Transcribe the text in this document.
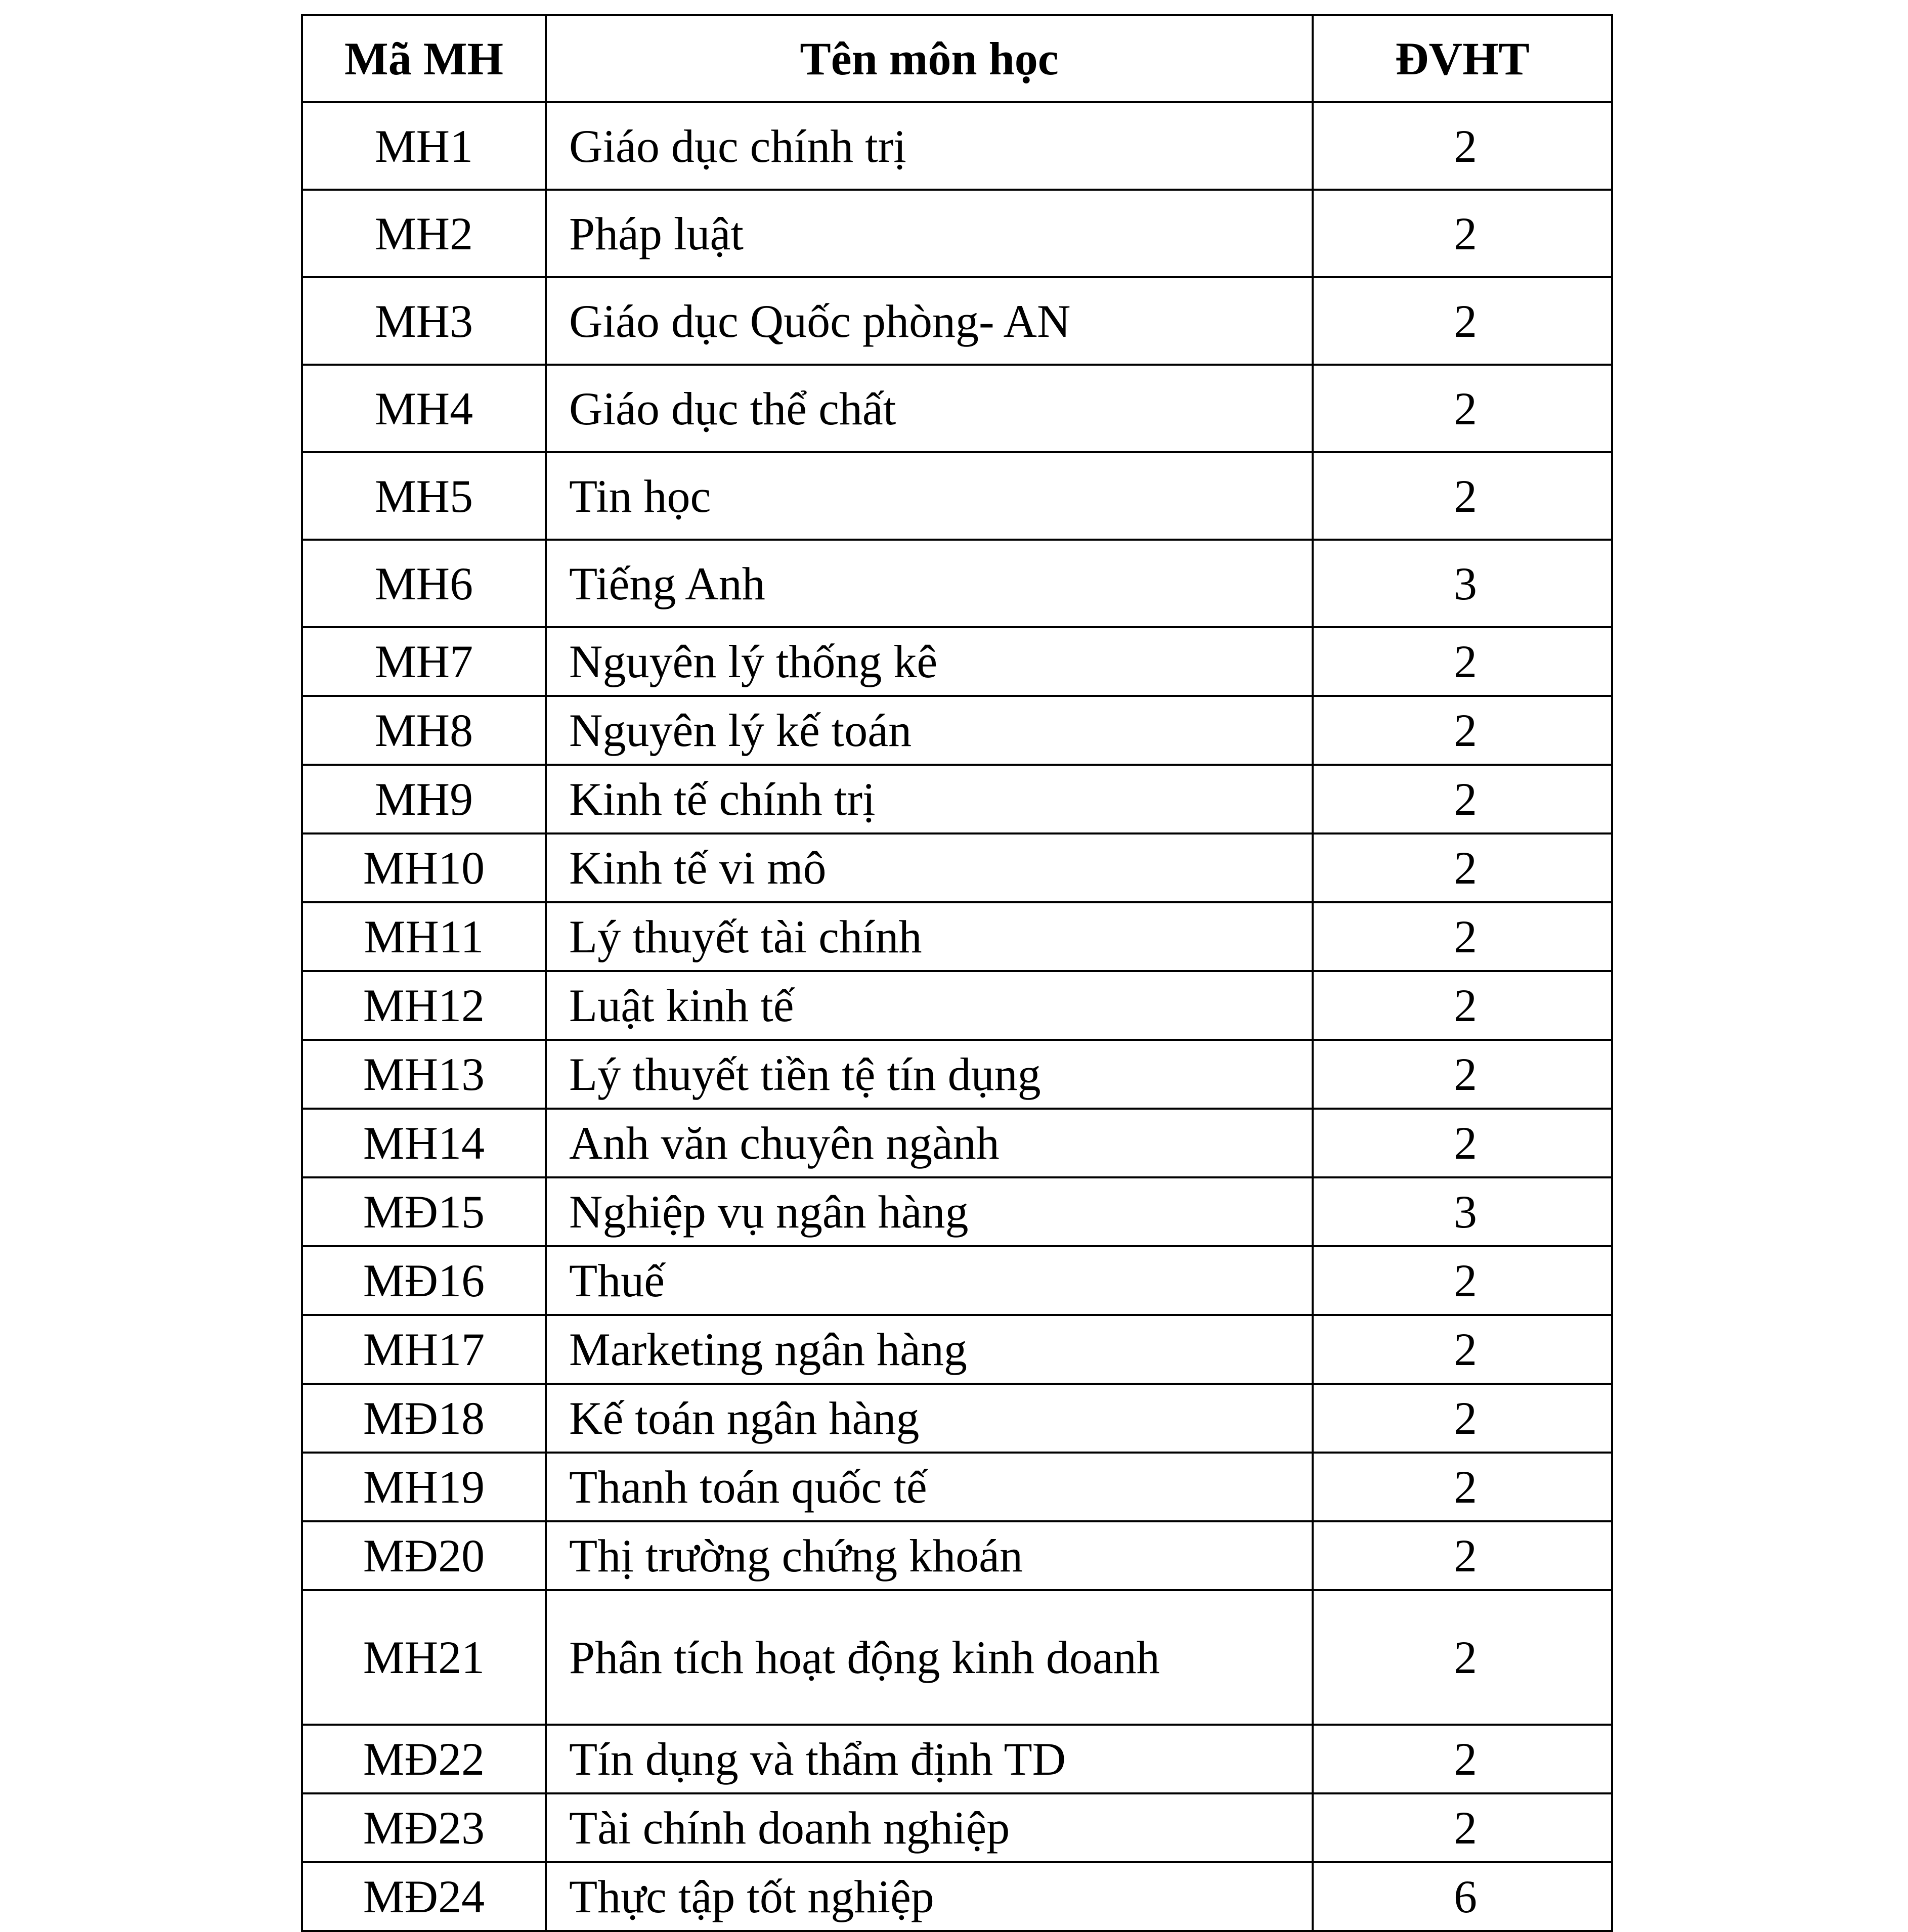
Mã MH	Tên môn học	ĐVHT
MH1	Giáo dục chính trị	2
MH2	Pháp luật	2
MH3	Giáo dục Quốc phòng- AN	2
MH4	Giáo dục thể chất	2
MH5	Tin học	2
MH6	Tiếng Anh	3
MH7	Nguyên lý thống kê	2
MH8	Nguyên lý kế toán	2
MH9	Kinh tế chính trị	2
MH10	Kinh tế vi mô	2
MH11	Lý thuyết tài chính	2
MH12	Luật kinh tế	2
MH13	Lý thuyết tiền tệ tín dụng	2
MH14	Anh văn chuyên ngành	2
MĐ15	Nghiệp vụ ngân hàng	3
MĐ16	Thuế	2
MH17	Marketing ngân hàng	2
MĐ18	Kế toán ngân hàng	2
MH19	Thanh toán quốc tế	2
MĐ20	Thị trường chứng khoán	2
MH21	Phân tích hoạt động kinh doanh	2
MĐ22	Tín dụng và thẩm định TD	2
MĐ23	Tài chính doanh nghiệp	2
MĐ24	Thực tập tốt nghiệp	6
